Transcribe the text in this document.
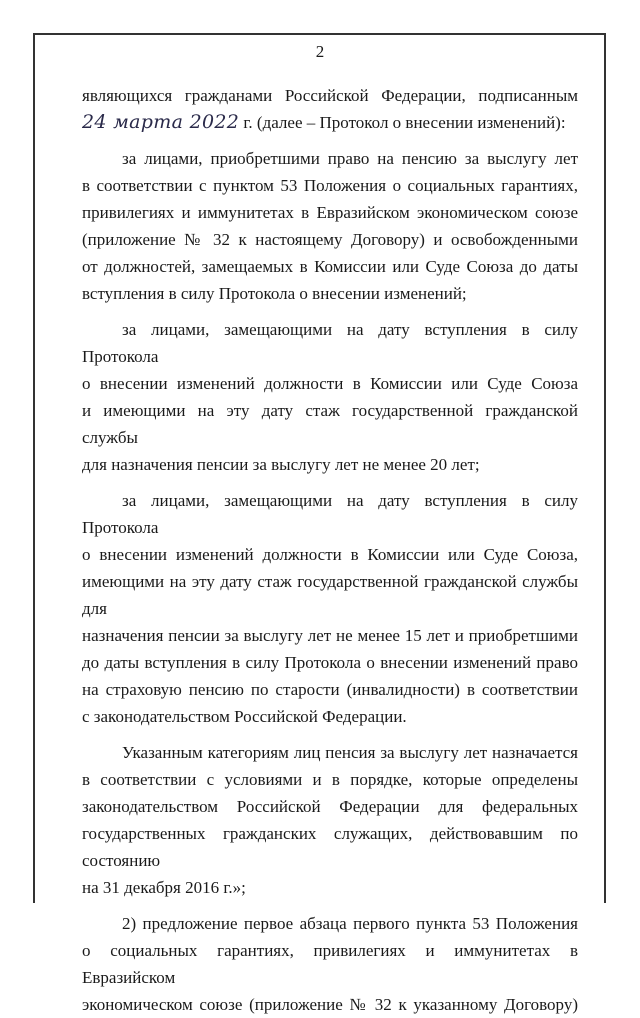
2
являющихся гражданами Российской Федерации, подписанным
24 марта 2022 г. (далее – Протокол о внесении изменений):
за лицами, приобретшими право на пенсию за выслугу лет
в соответствии с пунктом 53 Положения о социальных гарантиях,
привилегиях и иммунитетах в Евразийском экономическом союзе
(приложение № 32 к настоящему Договору) и освобожденными
от должностей, замещаемых в Комиссии или Суде Союза до даты
вступления в силу Протокола о внесении изменений;
за лицами, замещающими на дату вступления в силу Протокола
о внесении изменений должности в Комиссии или Суде Союза
и имеющими на эту дату стаж государственной гражданской службы
для назначения пенсии за выслугу лет не менее 20 лет;
за лицами, замещающими на дату вступления в силу Протокола
о внесении изменений должности в Комиссии или Суде Союза,
имеющими на эту дату стаж государственной гражданской службы для
назначения пенсии за выслугу лет не менее 15 лет и приобретшими
до даты вступления в силу Протокола о внесении изменений право
на страховую пенсию по старости (инвалидности) в соответствии
с законодательством Российской Федерации.
Указанным категориям лиц пенсия за выслугу лет назначается
в соответствии с условиями и в порядке, которые определены
законодательством Российской Федерации для федеральных
государственных гражданских служащих, действовавшим по состоянию
на 31 декабря 2016 г.»;
2) предложение первое абзаца первого пункта 53 Положения
о социальных гарантиях, привилегиях и иммунитетах в Евразийском
экономическом союзе (приложение № 32 к указанному Договору)
